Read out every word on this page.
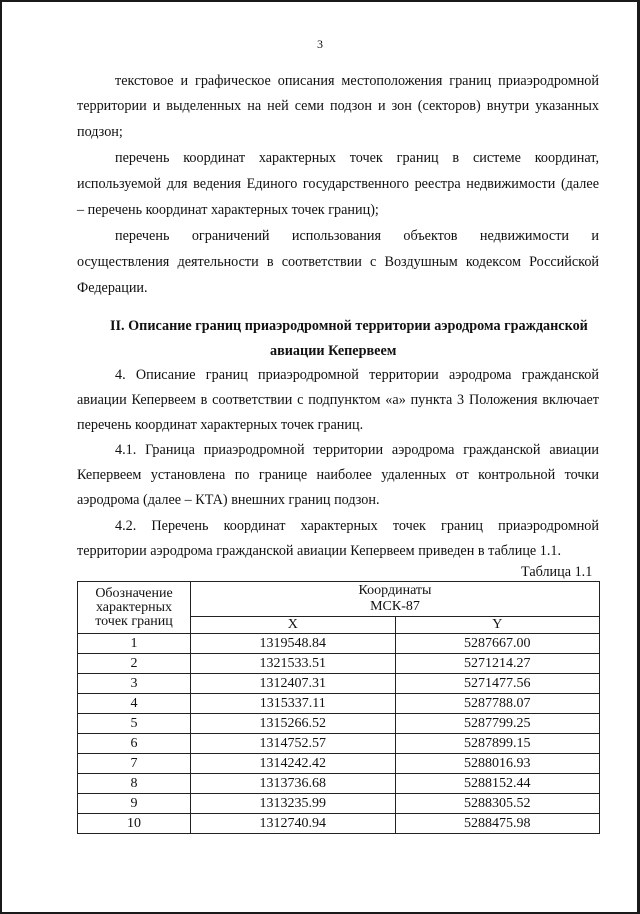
3
текстовое и графическое описания местоположения границ приаэродромной
территории и выделенных на ней семи подзон и зон (секторов) внутри указанных
подзон;
перечень координат характерных точек границ в системе координат,
используемой для ведения Единого государственного реестра недвижимости (далее
– перечень координат характерных точек границ);
перечень ограничений использования объектов недвижимости и
осуществления деятельности в соответствии с Воздушным кодексом Российской
Федерации.
II. Описание границ приаэродромной территории аэродрома гражданской
авиации Кепервеем
4. Описание границ приаэродромной территории аэродрома гражданской
авиации Кепервеем в соответствии с подпунктом «а» пункта 3 Положения включает
перечень координат характерных точек границ.
4.1. Граница приаэродромной территории аэродрома гражданской авиации
Кепервеем установлена по границе наиболее удаленных от контрольной точки
аэродрома (далее – КТА) внешних границ подзон.
4.2. Перечень координат характерных точек границ приаэродромной
территории аэродрома гражданской авиации Кепервеем приведен в таблице 1.1.
Таблица 1.1
Обозначение характерных точек границ	Координаты
МСК-87	

	X	Y
1	1319548.84	5287667.00
2	1321533.51	5271214.27
3	1312407.31	5271477.56
4	1315337.11	5287788.07
5	1315266.52	5287799.25
6	1314752.57	5287899.15
7	1314242.42	5288016.93
8	1313736.68	5288152.44
9	1313235.99	5288305.52
10	1312740.94	5288475.98
